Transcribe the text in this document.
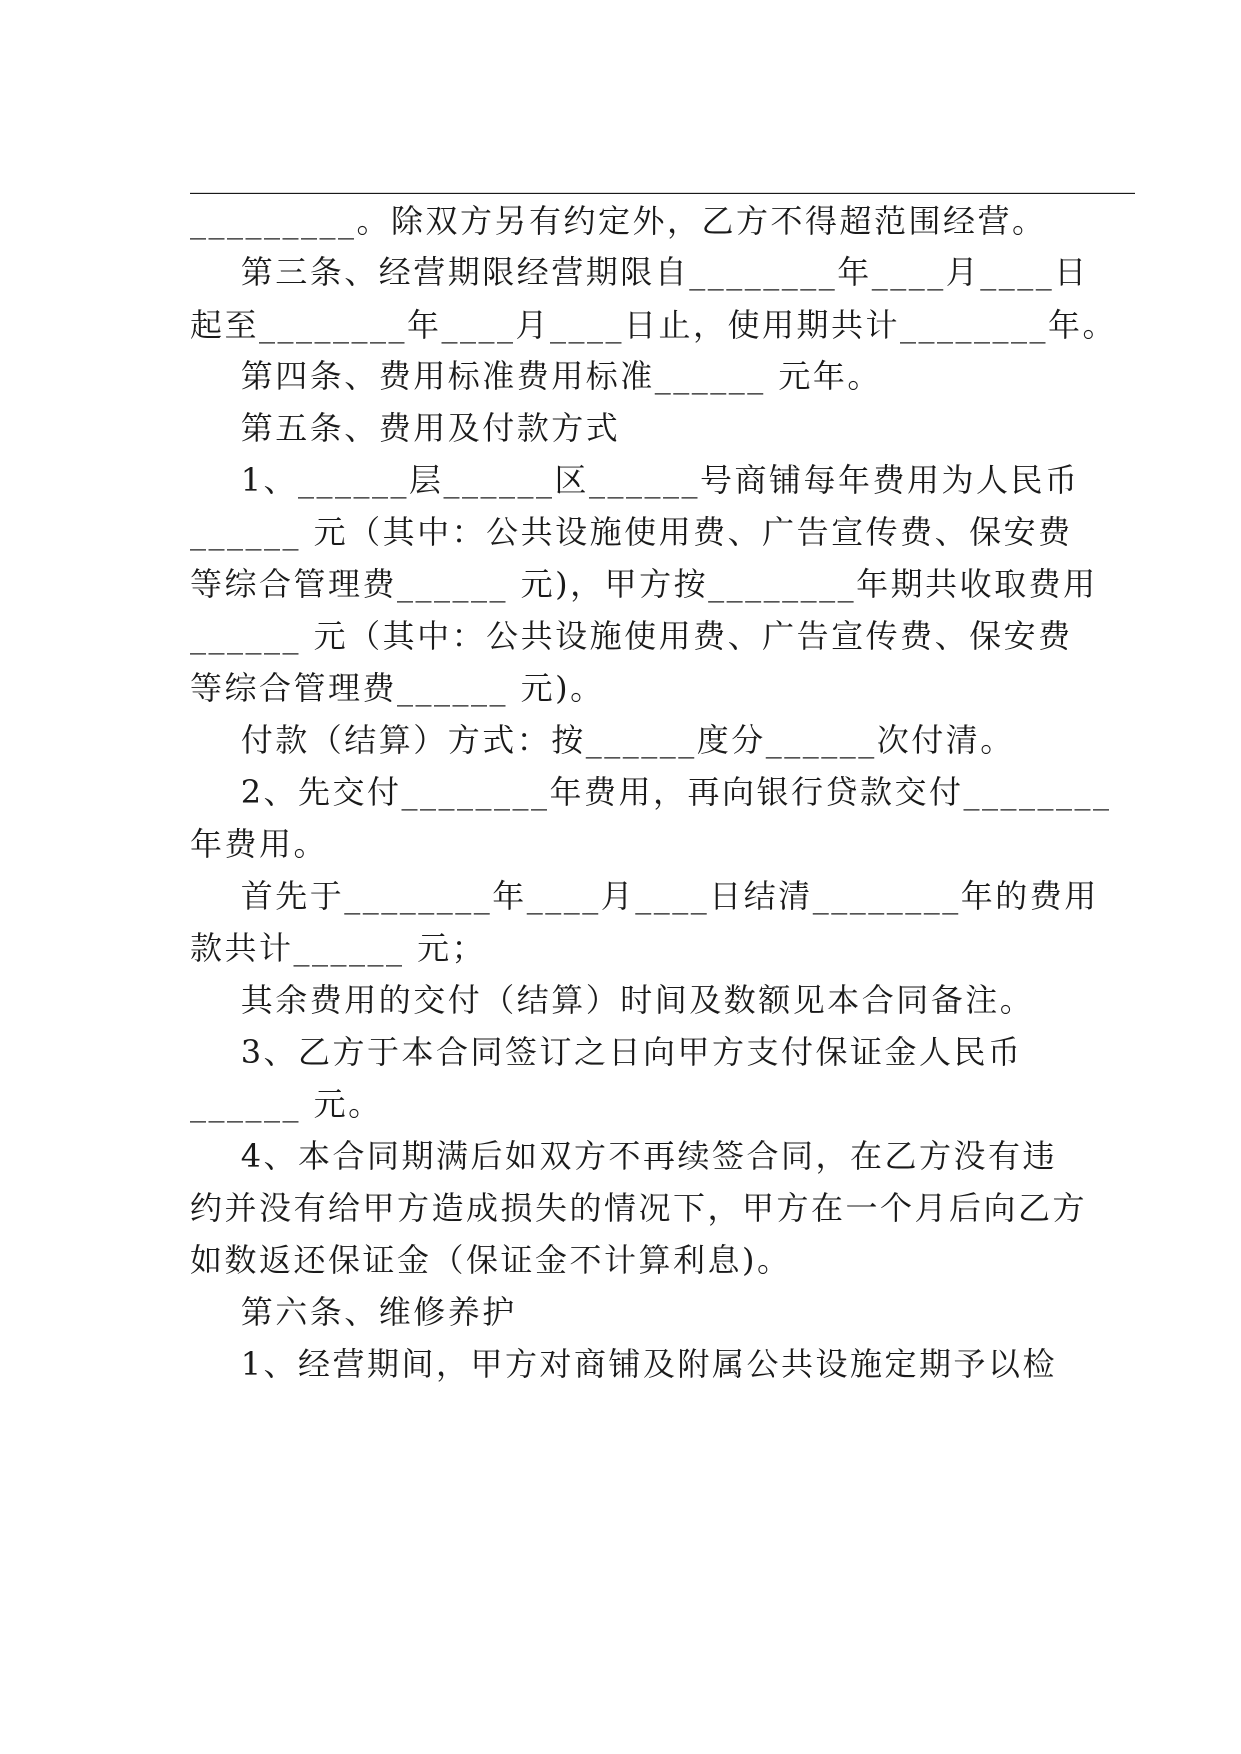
_______________________________________________________________
_________。除双方另有约定外，乙方不得超范围经营。
第三条、经营期限经营期限自________年____月____日
起至________年____月____日止，使用期共计________年。
第四条、费用标准费用标准______ 元年。
第五条、费用及付款方式
1、______层______区______号商铺每年费用为人民币
______ 元（其中：公共设施使用费、广告宣传费、保安费
等综合管理费______ 元)，甲方按________年期共收取费用
______ 元（其中：公共设施使用费、广告宣传费、保安费
等综合管理费______ 元)。
付款（结算）方式：按______度分______次付清。
2、先交付________年费用，再向银行贷款交付________
年费用。
首先于________年____月____日结清________年的费用
款共计______ 元；
其余费用的交付（结算）时间及数额见本合同备注。
3、乙方于本合同签订之日向甲方支付保证金人民币
______ 元。
4、本合同期满后如双方不再续签合同，在乙方没有违
约并没有给甲方造成损失的情况下，甲方在一个月后向乙方
如数返还保证金（保证金不计算利息)。
第六条、维修养护
1、经营期间，甲方对商铺及附属公共设施定期予以检
